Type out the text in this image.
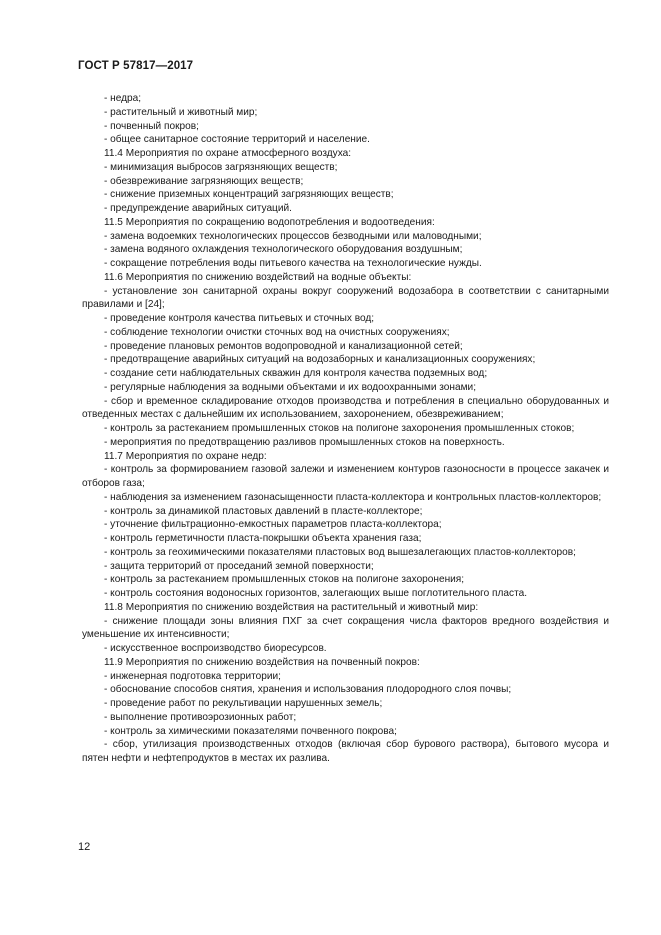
ГОСТ Р 57817—2017

- недра;

- растительный и животный мир;

- почвенный покров;

- общее санитарное состояние территорий и население.

11.4 Мероприятия по охране атмосферного воздуха:

- минимизация выбросов загрязняющих веществ;

- обезвреживание загрязняющих веществ;

- снижение приземных концентраций загрязняющих веществ;

- предупреждение аварийных ситуаций.

11.5 Мероприятия по сокращению водопотребления и водоотведения:

- замена водоемких технологических процессов безводными или маловодными;

- замена водяного охлаждения технологического оборудования воздушным;

- сокращение потребления воды питьевого качества на технологические нужды.

11.6 Мероприятия по снижению воздействий на водные объекты:

- установление зон санитарной охраны вокруг сооружений водозабора в соответствии с санитарными правилами и [24];

- проведение контроля качества питьевых и сточных вод;

- соблюдение технологии очистки сточных вод на очистных сооружениях;

- проведение плановых ремонтов водопроводной и канализационной сетей;

- предотвращение аварийных ситуаций на водозаборных и канализационных сооружениях;

- создание сети наблюдательных скважин для контроля качества подземных вод;

- регулярные наблюдения за водными объектами и их водоохранными зонами;

- сбор и временное складирование отходов производства и потребления в специально оборудованных и отведенных местах с дальнейшим их использованием, захоронением, обезвреживанием;

- контроль за растеканием промышленных стоков на полигоне захоронения промышленных стоков;

- мероприятия по предотвращению разливов промышленных стоков на поверхность.

11.7 Мероприятия по охране недр:

- контроль за формированием газовой залежи и изменением контуров газоносности в процессе закачек и отборов газа;

- наблюдения за изменением газонасыщенности пласта-коллектора и контрольных пластов-коллекторов;

- контроль за динамикой пластовых давлений в пласте-коллекторе;

- уточнение фильтрационно-емкостных параметров пласта-коллектора;

- контроль герметичности пласта-покрышки объекта хранения газа;

- контроль за геохимическими показателями пластовых вод вышезалегающих пластов-коллекторов;

- защита территорий от проседаний земной поверхности;

- контроль за растеканием промышленных стоков на полигоне захоронения;

- контроль состояния водоносных горизонтов, залегающих выше поглотительного пласта.

11.8 Мероприятия по снижению воздействия на растительный и животный мир:

- снижение площади зоны влияния ПХГ за счет сокращения числа факторов вредного воздействия и уменьшение их интенсивности;

- искусственное воспроизводство биоресурсов.

11.9 Мероприятия по снижению воздействия на почвенный покров:

- инженерная подготовка территории;

- обоснование способов снятия, хранения и использования плодородного слоя почвы;

- проведение работ по рекультивации нарушенных земель;

- выполнение противоэрозионных работ;

- контроль за химическими показателями почвенного покрова;

- сбор, утилизация производственных отходов (включая сбор бурового раствора), бытового мусора и пятен нефти и нефтепродуктов в местах их разлива.

12
